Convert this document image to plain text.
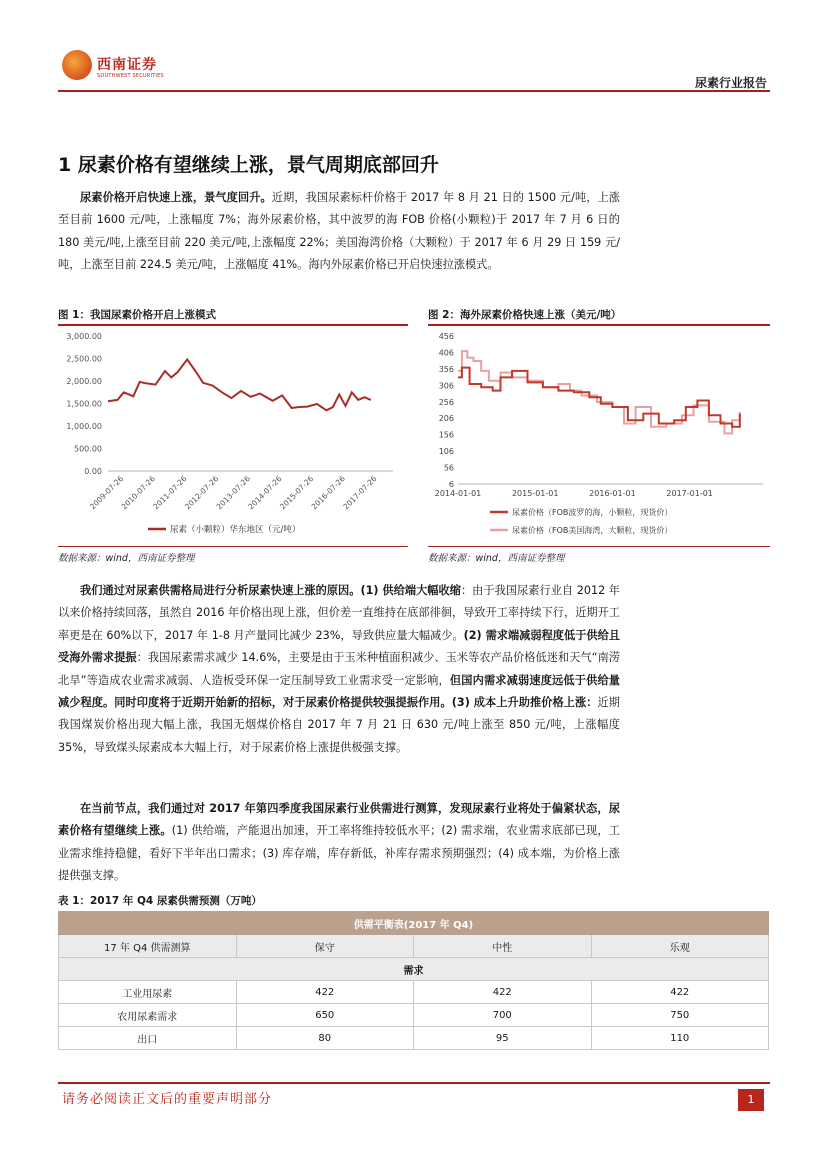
西南证券
SOUTHWEST SECURITIES	尿素行业报告
1 尿素价格有望继续上涨，景气周期底部回升
尿素价格开启快速上涨，景气度回升。近期，我国尿素标杆价格于 2017 年 8 月 21 日的 1500 元/吨，上涨至目前 1600 元/吨，上涨幅度 7%；海外尿素价格，其中波罗的海 FOB 价格(小颗粒)于 2017 年 7 月 6 日的 180 美元/吨,上涨至目前 220 美元/吨,上涨幅度 22%；美国海湾价格（大颗粒）于 2017 年 6 月 29 日 159 元/吨，上涨至目前 224.5 美元/吨，上涨幅度 41%。海内外尿素价格已开启快速拉涨模式。
图 1：我国尿素价格开启上涨模式	图 2：海外尿素价格快速上涨（美元/吨）
3,000.00
2,500.00
2,000.00
1,500.00
1,000.00
500.00
0.00
2009-07-26
2010-07-26
2011-07-26
2012-07-26
2013-07-26
2014-07-26
2015-07-26
2016-07-26
2017-07-26
尿素（小颗粒）华东地区（元/吨）
456
406
356
306
256
206
156
106
56
6
2014-01-01	2015-01-01	2016-01-01	2017-01-01
尿素价格（FOB波罗的海，小颗粒，现货价）
尿素价格（FOB美国海湾，大颗粒，现货价）
数据来源：wind，西南证券整理	数据来源：wind，西南证券整理
我们通过对尿素供需格局进行分析尿素快速上涨的原因。(1) 供给端大幅收缩：由于我国尿素行业自 2012 年以来价格持续回落，虽然自 2016 年价格出现上涨，但价差一直维持在底部徘徊，导致开工率持续下行，近期开工率更是在 60%以下，2017 年 1-8 月产量同比减少 23%，导致供应量大幅减少。(2) 需求端减弱程度低于供给且受海外需求提振：我国尿素需求减少 14.6%，主要是由于玉米种植面积减少、玉米等农产品价格低迷和天气“南涝北旱”等造成农业需求减弱、人造板受环保一定压制导致工业需求受一定影响，但国内需求减弱速度远低于供给量减少程度。同时印度将于近期开始新的招标，对于尿素价格提供较强提振作用。(3) 成本上升助推价格上涨：近期我国煤炭价格出现大幅上涨，我国无烟煤价格自 2017 年 7 月 21 日 630 元/吨上涨至 850 元/吨，上涨幅度 35%，导致煤头尿素成本大幅上行，对于尿素价格上涨提供极强支撑。
在当前节点，我们通过对 2017 年第四季度我国尿素行业供需进行测算，发现尿素行业将处于偏紧状态，尿素价格有望继续上涨。(1) 供给端，产能退出加速，开工率将维持较低水平；(2) 需求端，农业需求底部已现，工业需求维持稳健，看好下半年出口需求；(3) 库存端，库存新低，补库存需求预期强烈；(4) 成本端，为价格上涨提供强支撑。
表 1：2017 年 Q4 尿素供需预测（万吨）
供需平衡表(2017 年 Q4)			
17 年 Q4 供需测算	保守	中性	乐观
需求			
工业用尿素	422	422	422
农用尿素需求	650	700	750
出口	80	95	110
请务必阅读正文后的重要声明部分	1
